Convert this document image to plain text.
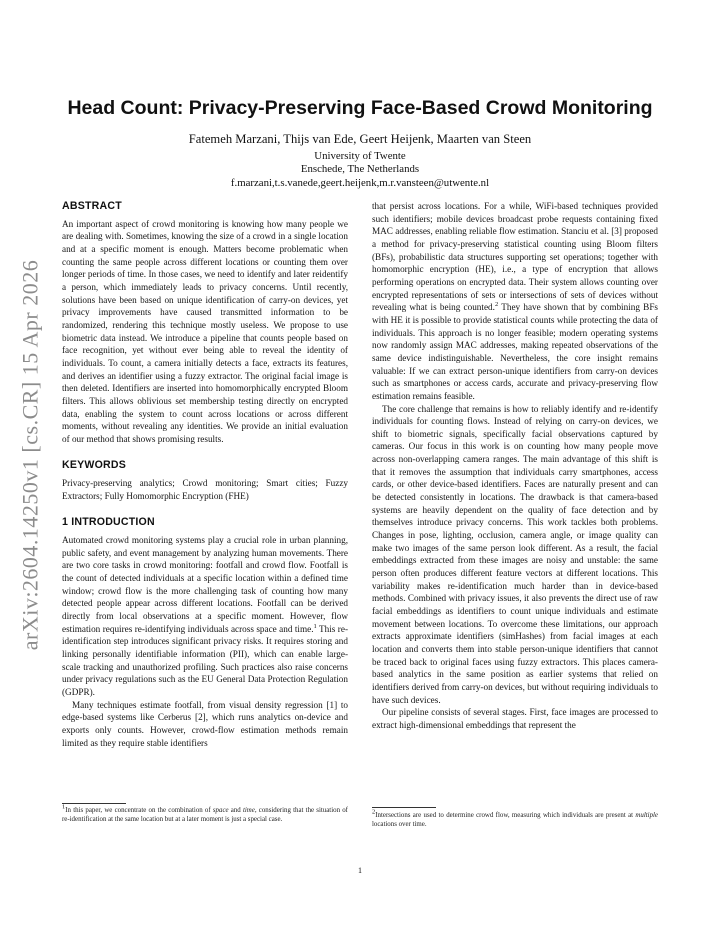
arXiv:2604.14250v1 [cs.CR] 15 Apr 2026
Head Count: Privacy-Preserving Face-Based Crowd Monitoring
Fatemeh Marzani, Thijs van Ede, Geert Heijenk, Maarten van Steen
University of Twente
Enschede, The Netherlands
f.marzani,t.s.vanede,geert.heijenk,m.r.vansteen@utwente.nl
ABSTRACT

An important aspect of crowd monitoring is knowing how many people we are dealing with. Sometimes, knowing the size of a crowd in a single location and at a specific moment is enough. Matters become problematic when counting the same people across different locations or counting them over longer periods of time. In those cases, we need to identify and later reidentify a person, which immediately leads to privacy concerns. Until recently, solutions have been based on unique identification of carry-on devices, yet privacy improvements have caused transmitted information to be randomized, rendering this technique mostly useless. We propose to use biometric data instead. We introduce a pipeline that counts people based on face recognition, yet without ever being able to reveal the identity of individuals. To count, a camera initially detects a face, extracts its features, and derives an identifier using a fuzzy extractor. The original facial image is then deleted. Identifiers are inserted into homomorphically encrypted Bloom filters. This allows oblivious set membership testing directly on encrypted data, enabling the system to count across locations or across different moments, without revealing any identities. We provide an initial evaluation of our method that shows promising results.

KEYWORDS

Privacy-preserving analytics; Crowd monitoring; Smart cities; Fuzzy Extractors; Fully Homomorphic Encryption (FHE)

1 INTRODUCTION

Automated crowd monitoring systems play a crucial role in urban planning, public safety, and event management by analyzing human movements. There are two core tasks in crowd monitoring: footfall and crowd flow. Footfall is the count of detected individuals at a specific location within a defined time window; crowd flow is the more challenging task of counting how many detected people appear across different locations. Footfall can be derived directly from local observations at a specific moment. However, flow estimation requires re-identifying individuals across space and time.$^1$ This re-identification step introduces significant privacy risks. It requires storing and linking personally identifiable information (PII), which can enable large-scale tracking and unauthorized profiling. Such practices also raise concerns under privacy regulations such as the EU General Data Protection Regulation (GDPR).

Many techniques estimate footfall, from visual density regression [1] to edge-based systems like Cerberus [2], which runs analytics on-device and exports only counts. However, crowd-flow estimation methods remain limited as they require stable identifiers

that persist across locations. For a while, WiFi-based techniques provided such identifiers; mobile devices broadcast probe requests containing fixed MAC addresses, enabling reliable flow estimation. Stanciu et al. [3] proposed a method for privacy-preserving statistical counting using Bloom filters (BFs), probabilistic data structures supporting set operations; together with homomorphic encryption (HE), i.e., a type of encryption that allows performing operations on encrypted data. Their system allows counting over encrypted representations of sets or intersections of sets of devices without revealing what is being counted.$^2$ They have shown that by combining BFs with HE it is possible to provide statistical counts while protecting the data of individuals. This approach is no longer feasible; modern operating systems now randomly assign MAC addresses, making repeated observations of the same device indistinguishable. Nevertheless, the core insight remains valuable: If we can extract person-unique identifiers from carry-on devices such as smartphones or access cards, accurate and privacy-preserving flow estimation remains feasible.

The core challenge that remains is how to reliably identify and re-identify individuals for counting flows. Instead of relying on carry-on devices, we shift to biometric signals, specifically facial observations captured by cameras. Our focus in this work is on counting how many people move across non-overlapping camera ranges. The main advantage of this shift is that it removes the assumption that individuals carry smartphones, access cards, or other device-based identifiers. Faces are naturally present and can be detected consistently in locations. The drawback is that camera-based systems are heavily dependent on the quality of face detection and by themselves introduce privacy concerns. This work tackles both problems. Changes in pose, lighting, occlusion, camera angle, or image quality can make two images of the same person look different. As a result, the facial embeddings extracted from these images are noisy and unstable: the same person often produces different feature vectors at different locations. This variability makes re-identification much harder than in device-based methods. Combined with privacy issues, it also prevents the direct use of raw facial embeddings as identifiers to count unique individuals and estimate movement between locations. To overcome these limitations, our approach extracts approximate identifiers (simHashes) from facial images at each location and converts them into stable person-unique identifiers that cannot be traced back to original faces using fuzzy extractors. This places camera-based analytics in the same position as earlier systems that relied on identifiers derived from carry-on devices, but without requiring individuals to have such devices.

Our pipeline consists of several stages. First, face images are processed to extract high-dimensional embeddings that represent the

$^1$In this paper, we concentrate on the combination of space and time, considering that the situation of re-identification at the same location but at a later moment is just a special case.
$^2$Intersections are used to determine crowd flow, measuring which individuals are present at multiple locations over time.
1
